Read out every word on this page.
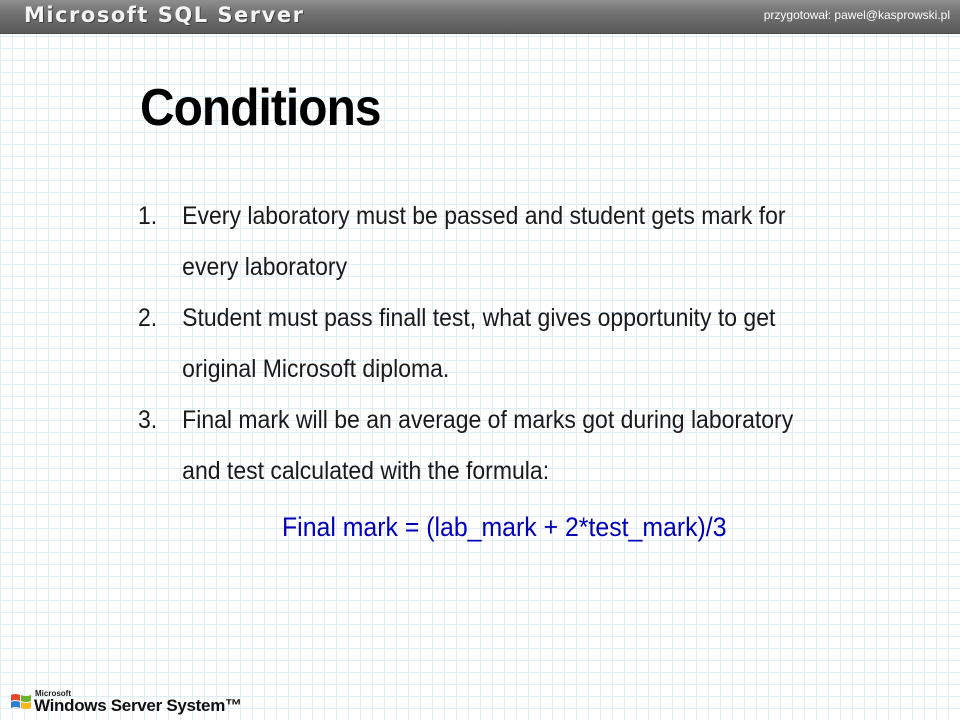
Microsoft SQL Server	przygotował: pawel@kasprowski.pl
Conditions
1. Every laboratory must be passed and student gets mark for
every laboratory
2. Student must pass finall test, what gives opportunity to get
original Microsoft diploma.
3. Final mark will be an average of marks got during laboratory
and test calculated with the formula:
Final mark = (lab_mark + 2*test_mark)/3
Microsoft
Windows Server System™
